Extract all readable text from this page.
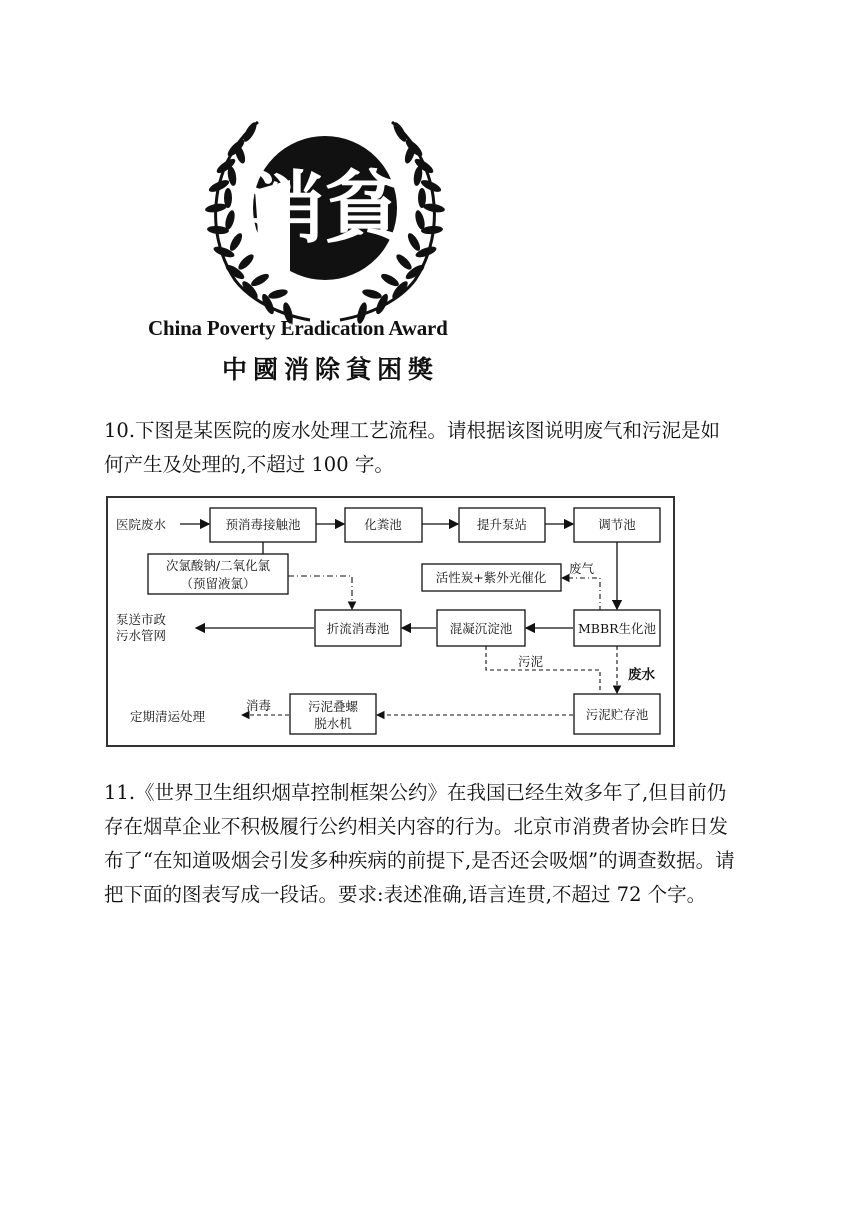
消貧
China Poverty Eradication Award
中國消除貧困獎

10.下图是某医院的废水处理工艺流程。请根据该图说明废气和污泥是如
何产生及处理的,不超过 100 字。

医院废水	预消毒接触池	化粪池	提升泵站	调节池
次氯酸钠/二氧化氯
（预留液氯）	活性炭+紫外光催化
废气
泵送市政
污水管网	折流消毒池	混凝沉淀池	MBBR生化池
污泥
废水
定期清运处理
消毒	污泥叠螺
脱水机
污泥贮存池

11.《世界卫生组织烟草控制框架公约》在我国已经生效多年了,但目前仍
存在烟草企业不积极履行公约相关内容的行为。北京市消费者协会昨日发
布了“在知道吸烟会引发多种疾病的前提下,是否还会吸烟”的调查数据。请
把下面的图表写成一段话。要求:表述准确,语言连贯,不超过 72 个字。
